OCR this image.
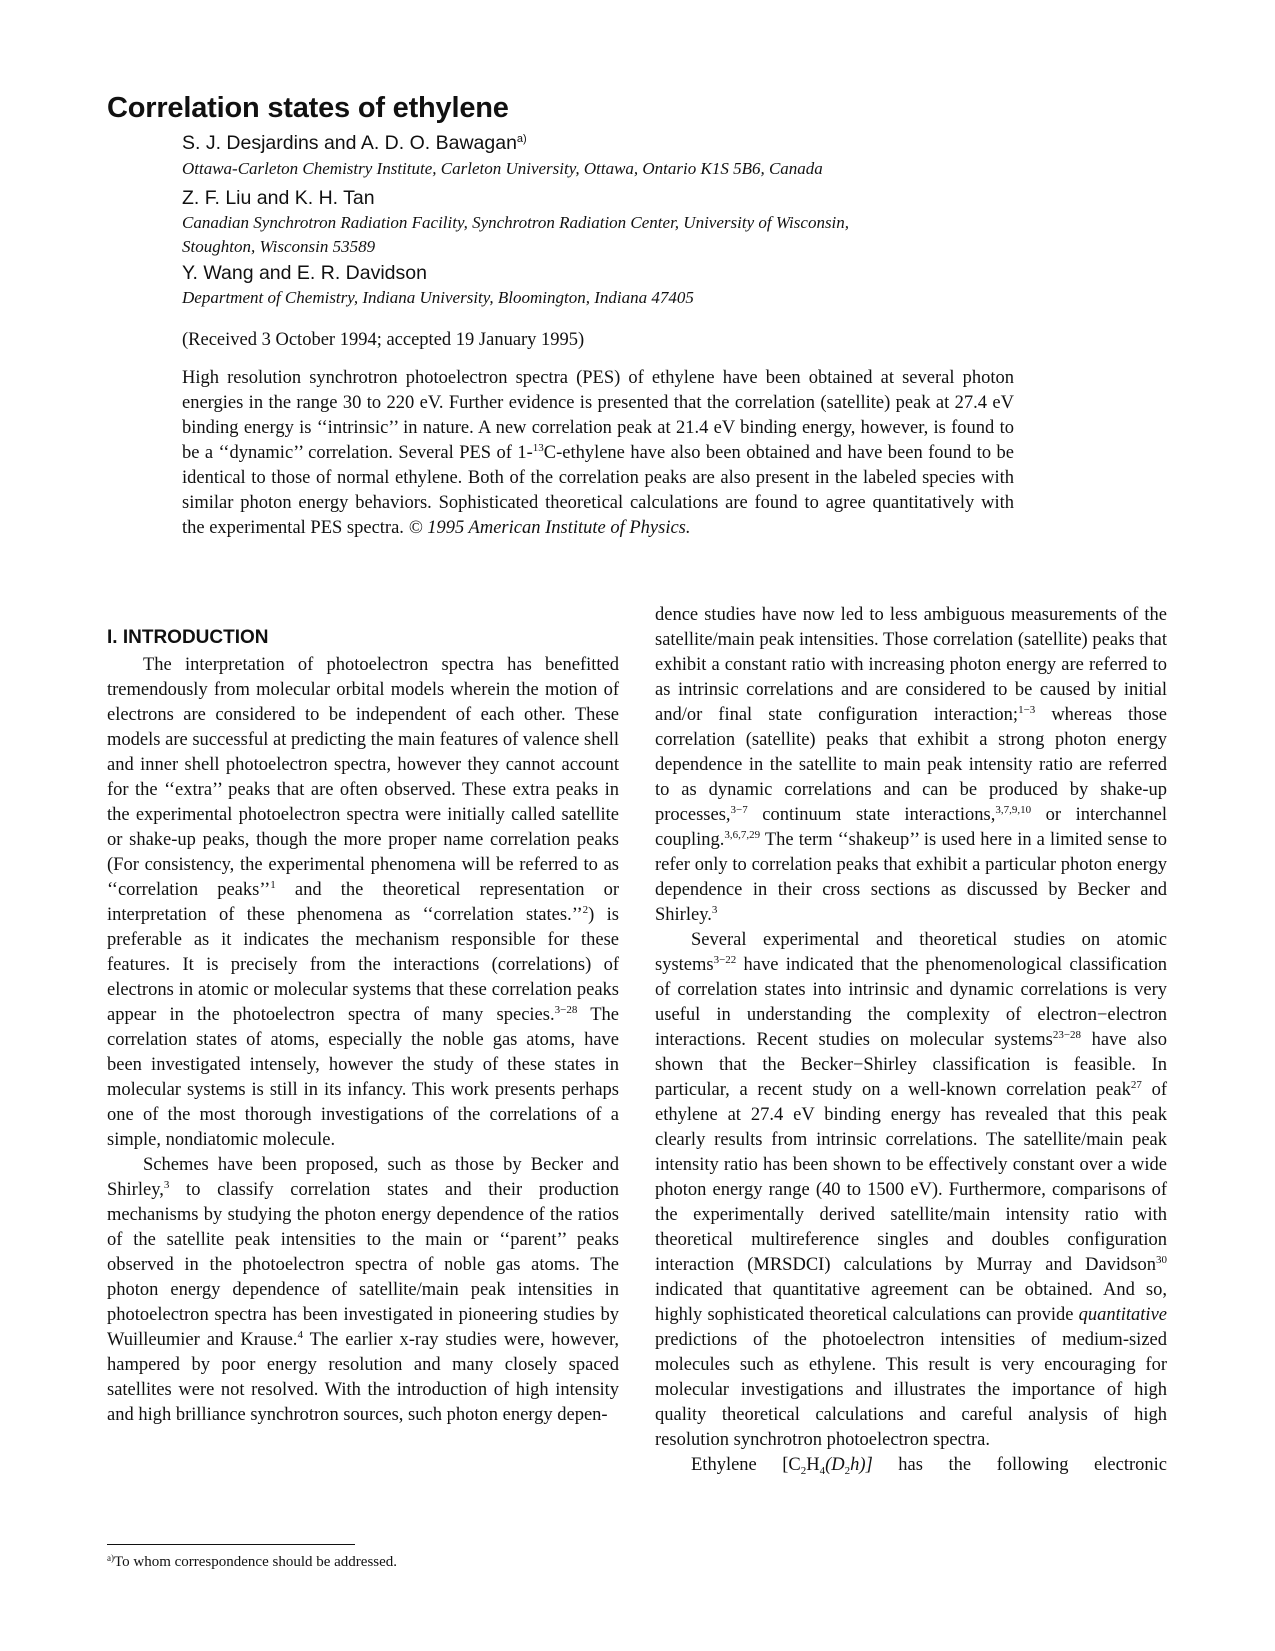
Correlation states of ethylene
S. J. Desjardins and A. D. O. Bawagan$^{a)}$
Ottawa-Carleton Chemistry Institute, Carleton University, Ottawa, Ontario K1S 5B6, Canada
Z. F. Liu and K. H. Tan
Canadian Synchrotron Radiation Facility, Synchrotron Radiation Center, University of Wisconsin,
Stoughton, Wisconsin 53589
Y. Wang and E. R. Davidson
Department of Chemistry, Indiana University, Bloomington, Indiana 47405
(Received 3 October 1994; accepted 19 January 1995)
High resolution synchrotron photoelectron spectra (PES) of ethylene have been obtained at several photon energies in the range 30 to 220 eV. Further evidence is presented that the correlation (satellite) peak at 27.4 eV binding energy is ‘‘intrinsic’’ in nature. A new correlation peak at 21.4 eV binding energy, however, is found to be a ‘‘dynamic’’ correlation. Several PES of 1-$^{13}$C-ethylene have also been obtained and have been found to be identical to those of normal ethylene. Both of the correlation peaks are also present in the labeled species with similar photon energy behaviors. Sophisticated theoretical calculations are found to agree quantitatively with the experimental PES spectra. © 1995 American Institute of Physics.
I. INTRODUCTION

The interpretation of photoelectron spectra has benefitted tremendously from molecular orbital models wherein the motion of electrons are considered to be independent of each other. These models are successful at predicting the main features of valence shell and inner shell photoelectron spectra, however they cannot account for the ‘‘extra’’ peaks that are often observed. These extra peaks in the experimental photoelectron spectra were initially called satellite or shake-up peaks, though the more proper name correlation peaks (For consistency, the experimental phenomena will be referred to as ‘‘correlation peaks’’$^1$ and the theoretical representation or interpretation of these phenomena as ‘‘correlation states.’’$^2$) is preferable as it indicates the mechanism responsible for these features. It is precisely from the interactions (correlations) of electrons in atomic or molecular systems that these correlation peaks appear in the photoelectron spectra of many species.$^{3-28}$ The correlation states of atoms, especially the noble gas atoms, have been investigated intensely, however the study of these states in molecular systems is still in its infancy. This work presents perhaps one of the most thorough investigations of the correlations of a simple, nondiatomic molecule.

Schemes have been proposed, such as those by Becker and Shirley,$^3$ to classify correlation states and their production mechanisms by studying the photon energy dependence of the ratios of the satellite peak intensities to the main or ‘‘parent’’ peaks observed in the photoelectron spectra of noble gas atoms. The photon energy dependence of satellite/main peak intensities in photoelectron spectra has been investigated in pioneering studies by Wuilleumier and Krause.$^4$ The earlier x-ray studies were, however, hampered by poor energy resolution and many closely spaced satellites were not resolved. With the introduction of high intensity and high brilliance synchrotron sources, such photon energy depen-

dence studies have now led to less ambiguous measurements of the satellite/main peak intensities. Those correlation (satellite) peaks that exhibit a constant ratio with increasing photon energy are referred to as intrinsic correlations and are considered to be caused by initial and/or final state configuration interaction;$^{1-3}$ whereas those correlation (satellite) peaks that exhibit a strong photon energy dependence in the satellite to main peak intensity ratio are referred to as dynamic correlations and can be produced by shake-up processes,$^{3-7}$ continuum state interactions,$^{3,7,9,10}$ or interchannel coupling.$^{3,6,7,29}$ The term ‘‘shakeup’’ is used here in a limited sense to refer only to correlation peaks that exhibit a particular photon energy dependence in their cross sections as discussed by Becker and Shirley.$^3$

Several experimental and theoretical studies on atomic systems$^{3-22}$ have indicated that the phenomenological classification of correlation states into intrinsic and dynamic correlations is very useful in understanding the complexity of electron−electron interactions. Recent studies on molecular systems$^{23-28}$ have also shown that the Becker−Shirley classification is feasible. In particular, a recent study on a well-known correlation peak$^{27}$ of ethylene at 27.4 eV binding energy has revealed that this peak clearly results from intrinsic correlations. The satellite/main peak intensity ratio has been shown to be effectively constant over a wide photon energy range (40 to 1500 eV). Furthermore, comparisons of the experimentally derived satellite/main intensity ratio with theoretical multireference singles and doubles configuration interaction (MRSDCI) calculations by Murray and Davidson$^{30}$ indicated that quantitative agreement can be obtained. And so, highly sophisticated theoretical calculations can provide quantitative predictions of the photoelectron intensities of medium-sized molecules such as ethylene. This result is very encouraging for molecular investigations and illustrates the importance of high quality theoretical calculations and careful analysis of high resolution synchrotron photoelectron spectra.

Ethylene $[C_2H_4(D_2h)]$ has the following electronic

$^{a)}$To whom correspondence should be addressed.
